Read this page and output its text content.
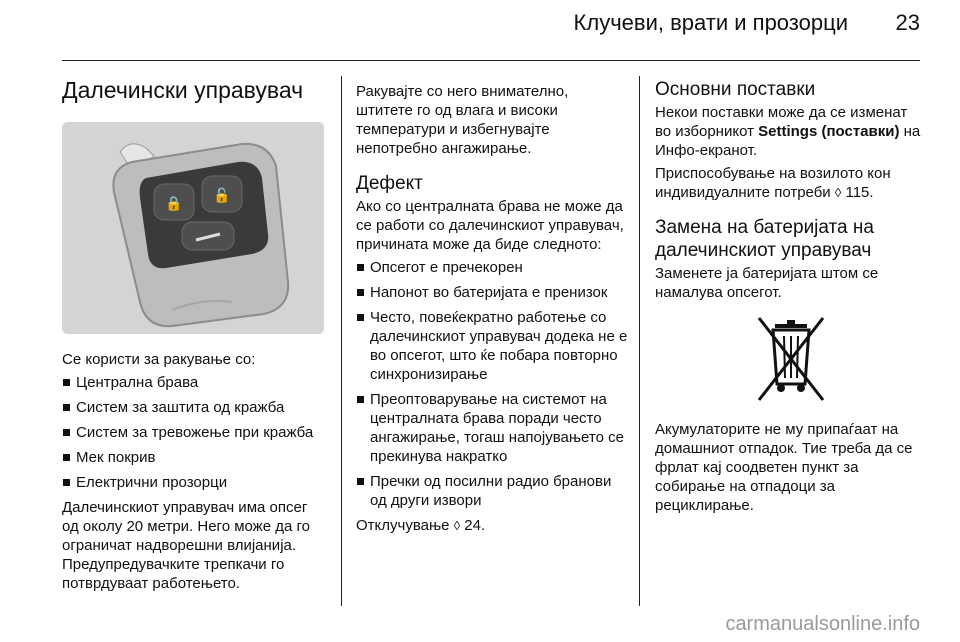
Клучеви, врати и прозорци 23
Далечински управувач
🔒 🔓

Се користи за ракување со:

Централна брава
Систем за заштита од кражба
Систем за тревожење при кражба
Мек покрив
Електрични прозорци

Далечинскиот управувач има опсег од околу 20 метри. Него може да го ограничат надворешни влијанија. Предупредувачките трепкачи го потврдуваат работењето.

Ракувајте со него внимателно, штитете го од влага и високи температури и избегнувајте непотребно ангажирање.

Дефект

Ако со централната брава не може да се работи со далечинскиот управувач, причината може да биде следното:

Опсегот е пречекорен
Напонот во батеријата е пренизок
Често, повеќекратно работење со далечинскиот управувач додека не е во опсегот, што ќе побара повторно синхронизирање
Преоптоварување на системот на централната брава поради често ангажирање, тогаш напојувањето се прекинува накратко
Пречки од посилни радио бранови од други извори

Отклучување ◊ 24.

Основни поставки

Некои поставки може да се изменат во изборникот Settings (поставки) на Инфо-екранот.

Приспособување на возилото кон индивидуалните потреби ◊ 115.

Замена на батеријата на далечинскиот управувач

Заменете ја батеријата штом се намалува опсегот.

Акумулаторите не му припаѓаат на домашниот отпадок. Тие треба да се фрлат кај соодветен пункт за собирање на отпадоци за рециклирање.

carmanualsonline.info
